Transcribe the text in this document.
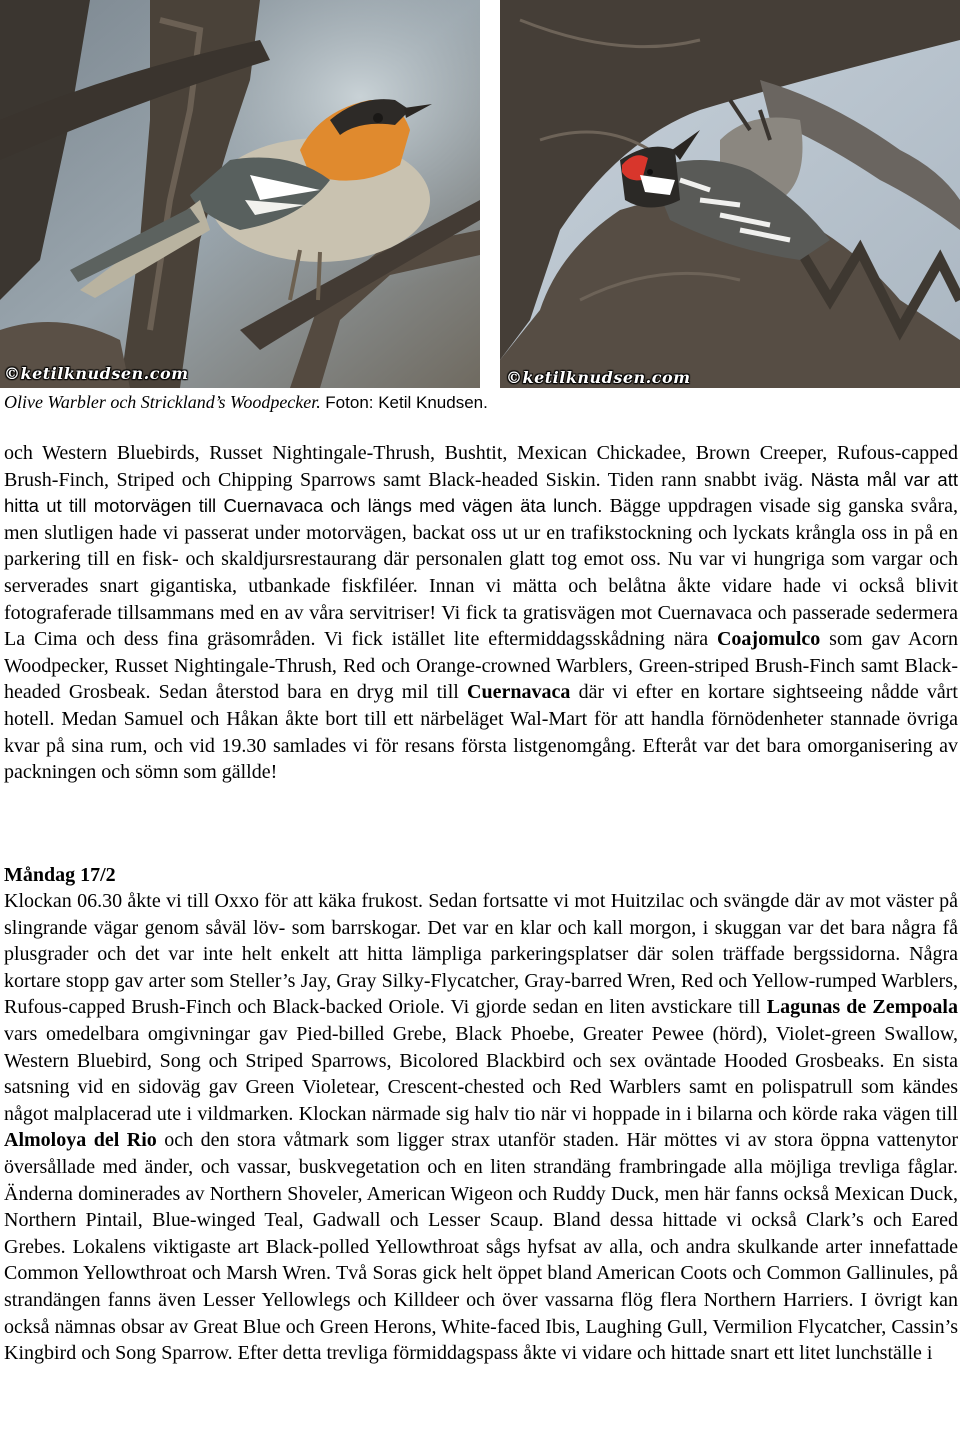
©ketilknudsen.com	©ketilknudsen.com
Olive Warbler och Strickland’s Woodpecker. Foton: Ketil Knudsen.
och Western Bluebirds, Russet Nightingale-Thrush, Bushtit, Mexican Chickadee, Brown Creeper, Rufous-capped Brush-Finch, Striped och Chipping Sparrows samt Black-headed Siskin. Tiden rann snabbt iväg. Nästa mål var att hitta ut till motorvägen till Cuernavaca och längs med vägen äta lunch. Bägge uppdragen visade sig ganska svåra, men slutligen hade vi passerat under motorvägen, backat oss ut ur en trafikstockning och lyckats krångla oss in på en parkering till en fisk- och skaldjursrestaurang där personalen glatt tog emot oss. Nu var vi hungriga som vargar och serverades snart gigantiska, utbankade fiskfiléer. Innan vi mätta och belåtna åkte vidare hade vi också blivit fotograferade tillsammans med en av våra servitriser! Vi fick ta gratisvägen mot Cuernavaca och passerade sedermera La Cima och dess fina gräsområden. Vi fick istället lite eftermiddagsskådning nära Coajomulco som gav Acorn Woodpecker, Russet Nightingale-Thrush, Red och Orange-crowned Warblers, Green-striped Brush-Finch samt Black-headed Grosbeak. Sedan återstod bara en dryg mil till Cuernavaca där vi efter en kortare sightseeing nådde vårt hotell. Medan Samuel och Håkan åkte bort till ett närbeläget Wal-Mart för att handla förnödenheter stannade övriga kvar på sina rum, och vid 19.30 samlades vi för resans första listgenomgång. Efteråt var det bara omorganisering av packningen och sömn som gällde!
Måndag 17/2
Klockan 06.30 åkte vi till Oxxo för att käka frukost. Sedan fortsatte vi mot Huitzilac och svängde där av mot väster på slingrande vägar genom såväl löv- som barrskogar. Det var en klar och kall morgon, i skuggan var det bara några få plusgrader och det var inte helt enkelt att hitta lämpliga parkeringsplatser där solen träffade bergssidorna. Några kortare stopp gav arter som Steller’s Jay, Gray Silky-Flycatcher, Gray-barred Wren, Red och Yellow-rumped Warblers, Rufous-capped Brush-Finch och Black-backed Oriole. Vi gjorde sedan en liten avstickare till Lagunas de Zempoala vars omedelbara omgivningar gav Pied-billed Grebe, Black Phoebe, Greater Pewee (hörd), Violet-green Swallow, Western Bluebird, Song och Striped Sparrows, Bicolored Blackbird och sex oväntade Hooded Grosbeaks. En sista satsning vid en sidoväg gav Green Violetear, Crescent-chested och Red Warblers samt en polispatrull som kändes något malplacerad ute i vildmarken. Klockan närmade sig halv tio när vi hoppade in i bilarna och körde raka vägen till Almoloya del Rio och den stora våtmark som ligger strax utanför staden. Här möttes vi av stora öppna vattenytor översållade med änder, och vassar, buskvegetation och en liten strandäng frambringade alla möjliga trevliga fåglar. Änderna dominerades av Northern Shoveler, American Wigeon och Ruddy Duck, men här fanns också Mexican Duck, Northern Pintail, Blue-winged Teal, Gadwall och Lesser Scaup. Bland dessa hittade vi också Clark’s och Eared Grebes. Lokalens viktigaste art Black-polled Yellowthroat sågs hyfsat av alla, och andra skulkande arter innefattade Common Yellowthroat och Marsh Wren. Två Soras gick helt öppet bland American Coots och Common Gallinules, på strandängen fanns även Lesser Yellowlegs och Killdeer och över vassarna flög flera Northern Harriers. I övrigt kan också nämnas obsar av Great Blue och Green Herons, White-faced Ibis, Laughing Gull, Vermilion Flycatcher, Cassin’s Kingbird och Song Sparrow. Efter detta trevliga förmiddagspass åkte vi vidare och hittade snart ett litet lunchställe i
